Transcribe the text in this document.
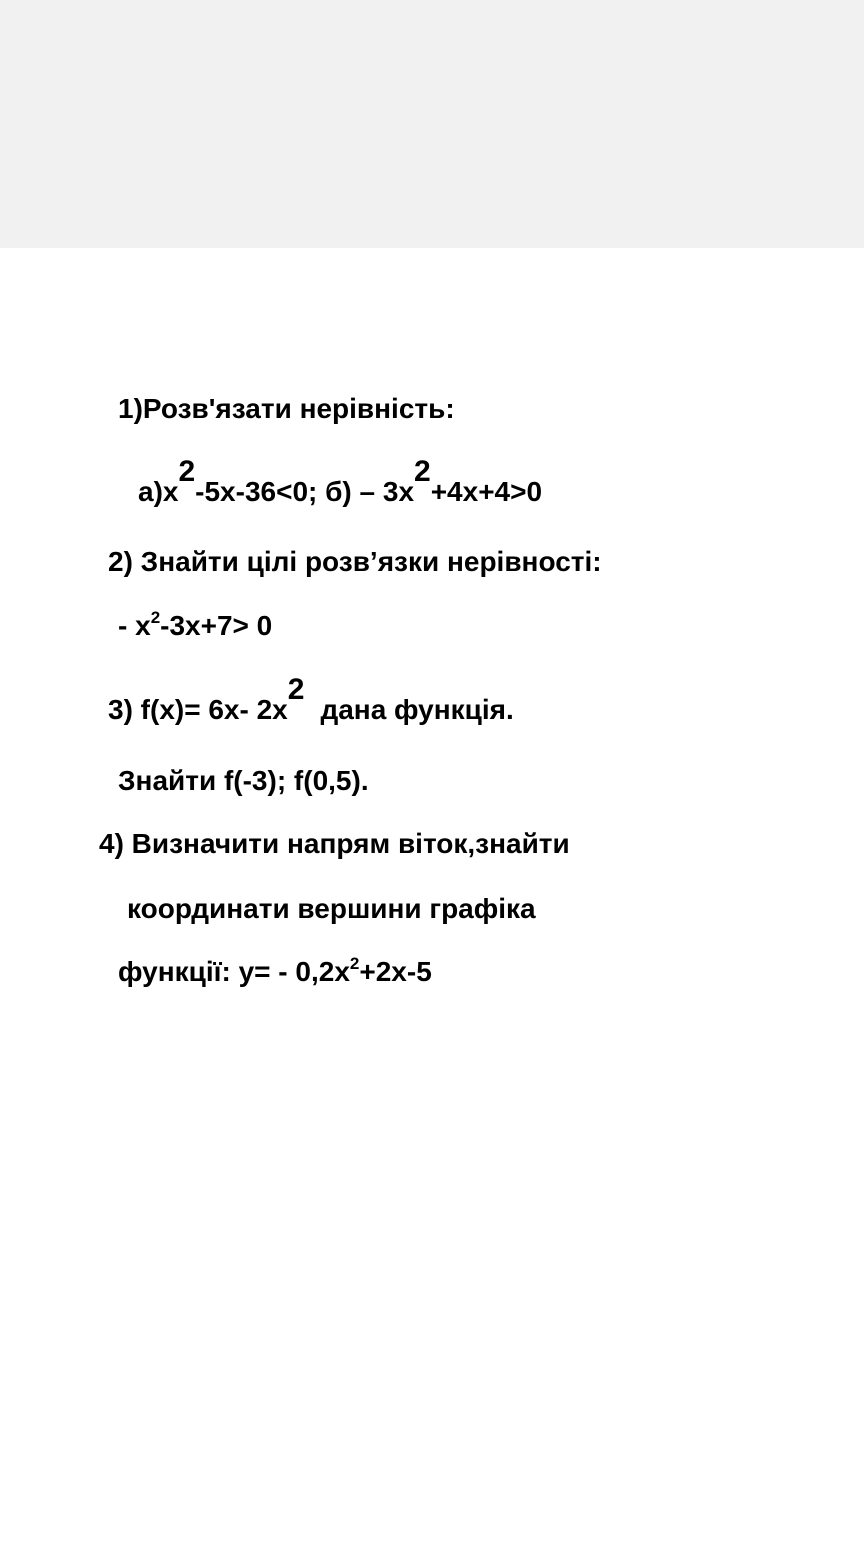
1)Розв'язати нерівність:
а)x2-5x-36<0; б) – 3x2+4x+4>0
2) Знайти цілі розв’язки нерівності:
- $x^2-3x+7> 0$
3) f(x)= 6x- 2x2дана функція.
Знайти f(-3); f(0,5).
4) Визначити напрям віток,знайти
координати вершини графіка
функції: $y= - 0,2x^2+2x-5$
